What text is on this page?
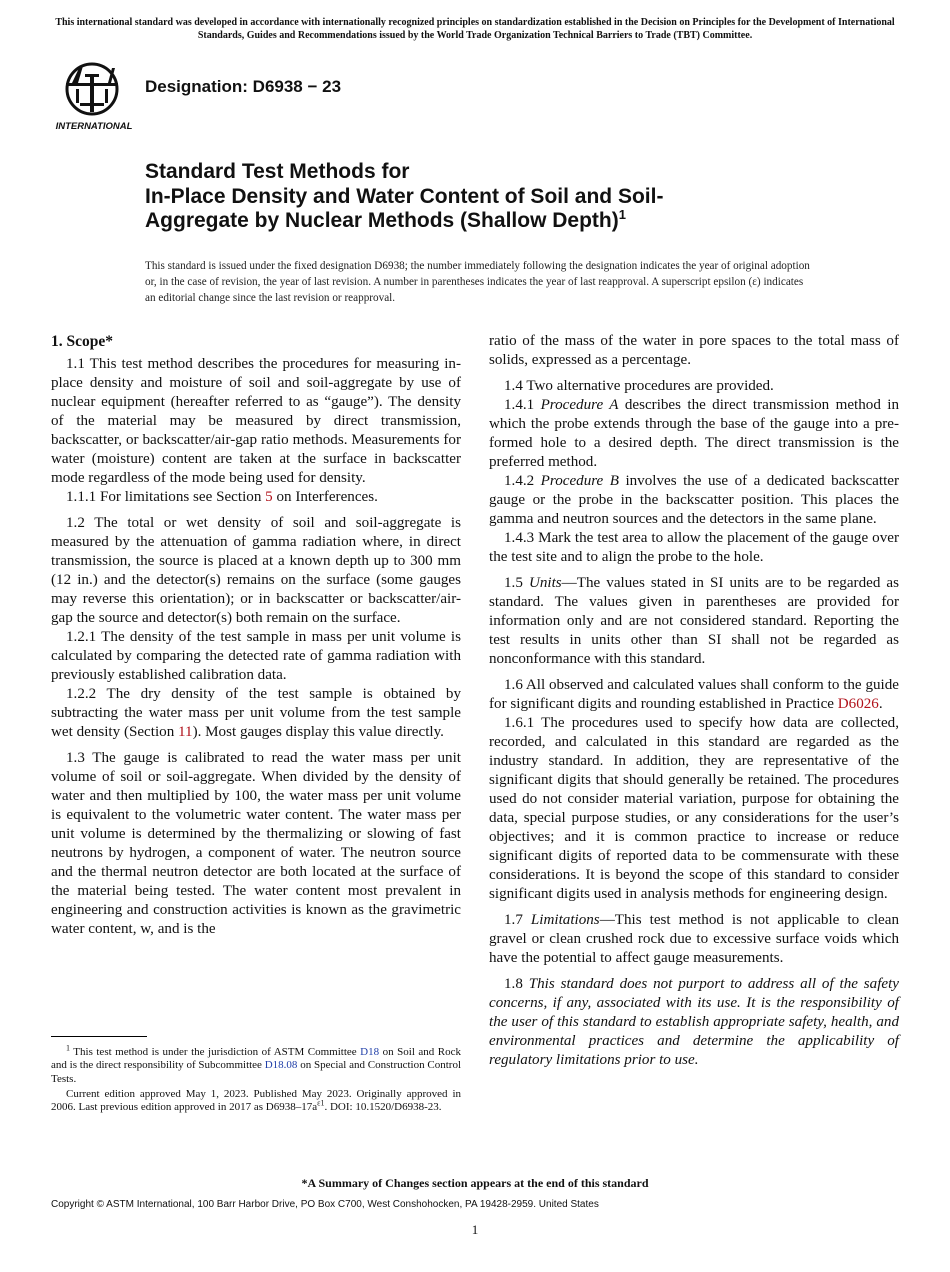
This international standard was developed in accordance with internationally recognized principles on standardization established in the Decision on Principles for the Development of International Standards, Guides and Recommendations issued by the World Trade Organization Technical Barriers to Trade (TBT) Committee.
INTERNATIONAL
Designation: D6938 − 23
Standard Test Methods for
In-Place Density and Water Content of Soil and Soil-
Aggregate by Nuclear Methods (Shallow Depth)$^1$
This standard is issued under the fixed designation D6938; the number immediately following the designation indicates the year of original adoption or, in the case of revision, the year of last revision. A number in parentheses indicates the year of last reapproval. A superscript epsilon (ε) indicates an editorial change since the last revision or reapproval.
1. Scope*

1.1 This test method describes the procedures for measuring in-place density and moisture of soil and soil-aggregate by use of nuclear equipment (hereafter referred to as “gauge”). The density of the material may be measured by direct transmission, backscatter, or backscatter/air-gap ratio methods. Measurements for water (moisture) content are taken at the surface in backscatter mode regardless of the mode being used for density.

1.1.1 For limitations see Section 5 on Interferences.

1.2 The total or wet density of soil and soil-aggregate is measured by the attenuation of gamma radiation where, in direct transmission, the source is placed at a known depth up to 300 mm (12 in.) and the detector(s) remains on the surface (some gauges may reverse this orientation); or in backscatter or backscatter/air-gap the source and detector(s) both remain on the surface.

1.2.1 The density of the test sample in mass per unit volume is calculated by comparing the detected rate of gamma radiation with previously established calibration data.

1.2.2 The dry density of the test sample is obtained by subtracting the water mass per unit volume from the test sample wet density (Section 11). Most gauges display this value directly.

1.3 The gauge is calibrated to read the water mass per unit volume of soil or soil-aggregate. When divided by the density of water and then multiplied by 100, the water mass per unit volume is equivalent to the volumetric water content. The water mass per unit volume is determined by the thermalizing or slowing of fast neutrons by hydrogen, a component of water. The neutron source and the thermal neutron detector are both located at the surface of the material being tested. The water content most prevalent in engineering and construction activities is known as the gravimetric water content, w, and is the

ratio of the mass of the water in pore spaces to the total mass of solids, expressed as a percentage.

1.4 Two alternative procedures are provided.

1.4.1 Procedure A describes the direct transmission method in which the probe extends through the base of the gauge into a pre-formed hole to a desired depth. The direct transmission is the preferred method.

1.4.2 Procedure B involves the use of a dedicated backscatter gauge or the probe in the backscatter position. This places the gamma and neutron sources and the detectors in the same plane.

1.4.3 Mark the test area to allow the placement of the gauge over the test site and to align the probe to the hole.

1.5 Units—The values stated in SI units are to be regarded as standard. The values given in parentheses are provided for information only and are not considered standard. Reporting the test results in units other than SI shall not be regarded as nonconformance with this standard.

1.6 All observed and calculated values shall conform to the guide for significant digits and rounding established in Practice D6026.

1.6.1 The procedures used to specify how data are collected, recorded, and calculated in this standard are regarded as the industry standard. In addition, they are representative of the significant digits that should generally be retained. The procedures used do not consider material variation, purpose for obtaining the data, special purpose studies, or any considerations for the user’s objectives; and it is common practice to increase or reduce significant digits of reported data to be commensurate with these considerations. It is beyond the scope of this standard to consider significant digits used in analysis methods for engineering design.

1.7 Limitations—This test method is not applicable to clean gravel or clean crushed rock due to excessive surface voids which have the potential to affect gauge measurements.

1.8 This standard does not purport to address all of the safety concerns, if any, associated with its use. It is the responsibility of the user of this standard to establish appropriate safety, health, and environmental practices and determine the applicability of regulatory limitations prior to use.

$^1$ This test method is under the jurisdiction of ASTM Committee D18 on Soil and Rock and is the direct responsibility of Subcommittee D18.08 on Special and Construction Control Tests.

Current edition approved May 1, 2023. Published May 2023. Originally approved in 2006. Last previous edition approved in 2017 as $D6938-17a^{\varepsilon 1}$. DOI: 10.1520/D6938-23.

*A Summary of Changes section appears at the end of this standard
Copyright © ASTM International, 100 Barr Harbor Drive, PO Box C700, West Conshohocken, PA 19428-2959. United States
1
